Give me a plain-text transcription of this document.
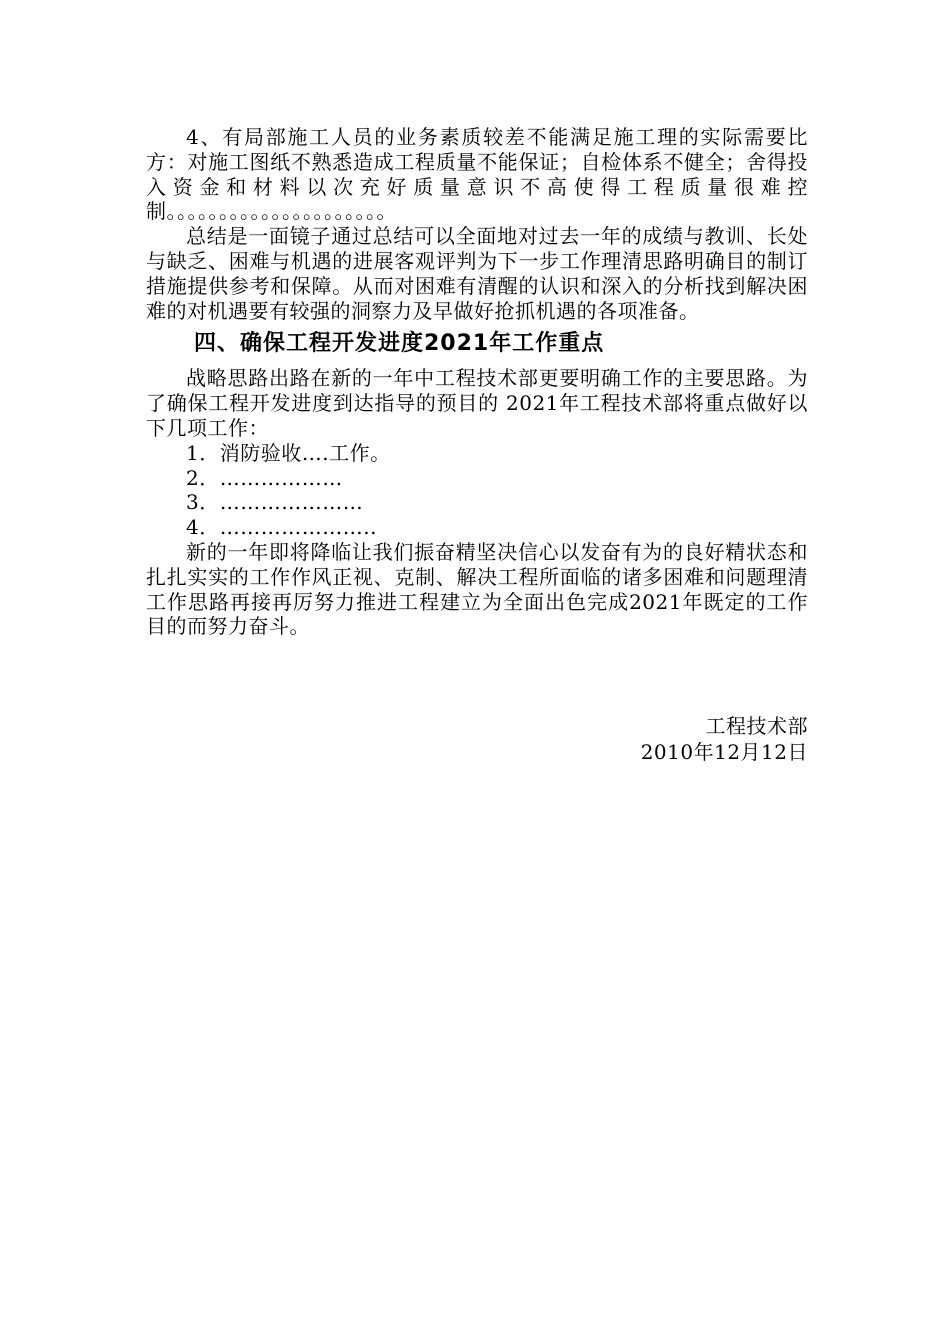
4、有局部施工人员的业务素质较差不能满足施工理的实际需要比方：对施工图纸不熟悉造成工程质量不能保证；自检体系不健全；舍得投入资金和材料以次充好质量意识不高使得工程质量很难控制。。。。。。。。。。。。。。。。。。。。。

总结是一面镜子通过总结可以全面地对过去一年的成绩与教训、长处与缺乏、困难与机遇的进展客观评判为下一步工作理清思路明确目的制订措施提供参考和保障。从而对困难有清醒的认识和深入的分析找到解决困难的对机遇要有较强的洞察力及早做好抢抓机遇的各项准备。

四、确保工程开发进度2021年工作重点

战略思路出路在新的一年中工程技术部更要明确工作的主要思路。为了确保工程开发进度到达指导的预目的 2021年工程技术部将重点做好以下几项工作：

1．消防验收….工作。

2．………………

3．…………………

4．…………………..

新的一年即将降临让我们振奋精坚决信心以发奋有为的良好精状态和扎扎实实的工作作风正视、克制、解决工程所面临的诸多困难和问题理清工作思路再接再厉努力推进工程建立为全面出色完成2021年既定的工作目的而努力奋斗。

工程技术部
2010年12月12日
